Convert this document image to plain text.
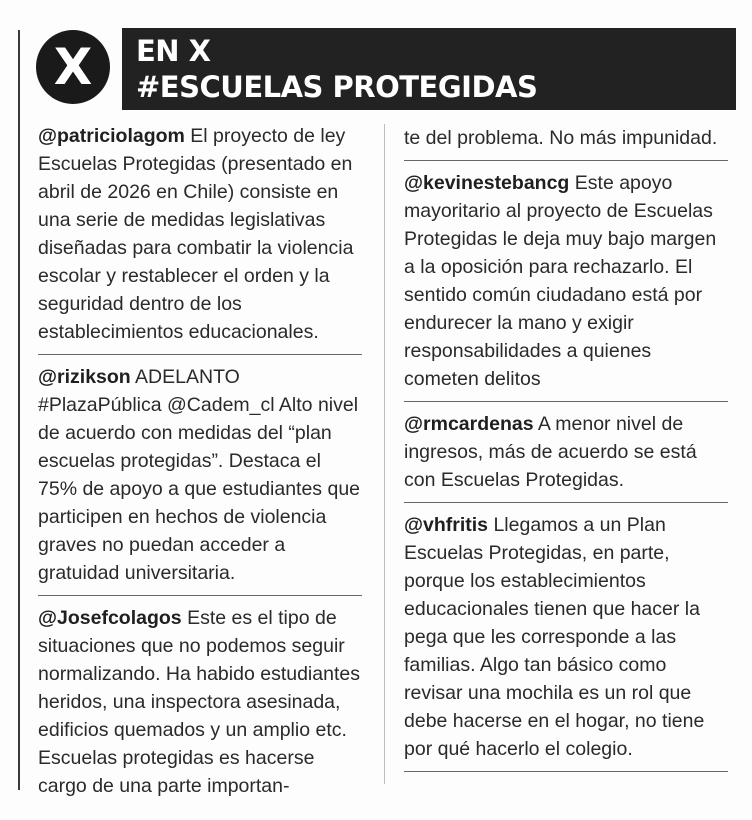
X	EN X
#ESCUELAS PROTEGIDAS
@patriciolagom El proyecto de ley Escuelas Protegidas (presentado en abril de 2026 en Chile) consiste en una serie de medidas legislativas diseñadas para combatir la violencia escolar y restablecer el orden y la seguridad dentro de los establecimientos educacionales.
@rizikson ADELANTO #PlazaPública @Cadem_cl Alto nivel de acuerdo con medidas del “plan escuelas protegidas”. Destaca el 75% de apoyo a que estudiantes que participen en hechos de violencia graves no puedan acceder a gratuidad universitaria.
@Josefcolagos Este es el tipo de situaciones que no podemos seguir normalizando. Ha habido estudiantes heridos, una inspectora asesinada, edificios quemados y un amplio etc. Escuelas protegidas es hacerse cargo de una parte importan-
te del problema. No más impunidad.
@kevinestebancg Este apoyo mayoritario al proyecto de Escuelas Protegidas le deja muy bajo margen a la oposición para rechazarlo. El sentido común ciudadano está por endurecer la mano y exigir responsabilidades a quienes cometen delitos
@rmcardenas A menor nivel de ingresos, más de acuerdo se está con Escuelas Protegidas.
@vhfritis Llegamos a un Plan Escuelas Protegidas, en parte, porque los establecimientos educacionales tienen que hacer la pega que les corresponde a las familias. Algo tan básico como revisar una mochila es un rol que debe hacerse en el hogar, no tiene por qué hacerlo el colegio.
